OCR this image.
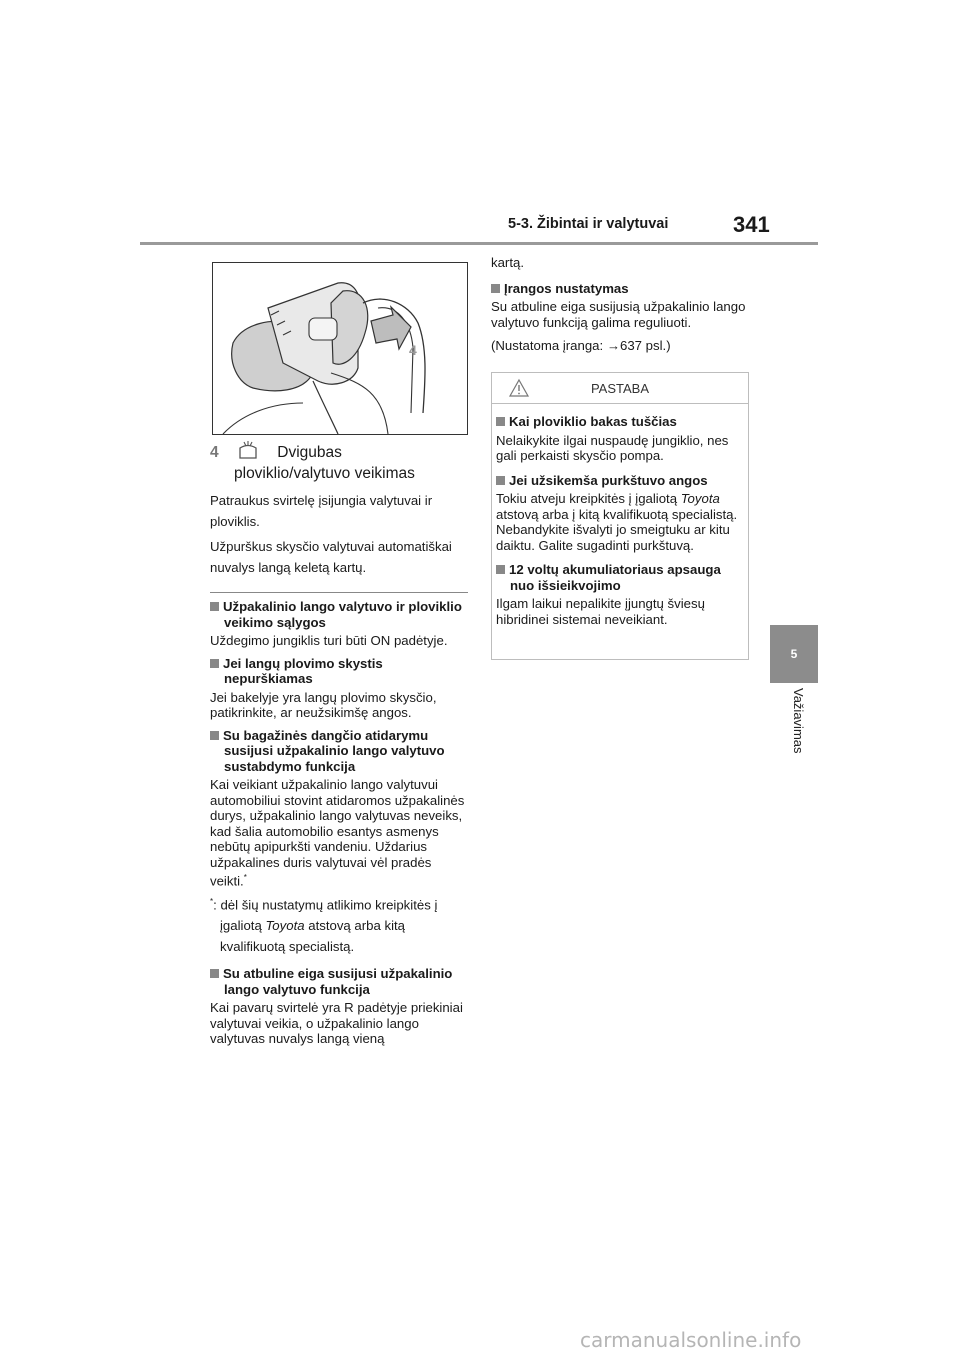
5-3. Žibintai ir valytuvai	341
5
Važiavimas
4
4	Dvigubas
ploviklio/valytuvo veikimas

Patraukus svirtelę įsijungia valytuvai ir ploviklis.

Užpurškus skysčio valytuvai automatiškai nuvalys langą keletą kartų.

Užpakalinio lango valytuvo ir ploviklio veikimo sąlygos

Uždegimo jungiklis turi būti ON padėtyje.

Jei langų plovimo skystis nepurškiamas

Jei bakelyje yra langų plovimo skysčio, patikrinkite, ar neužsikimšę angos.

Su bagažinės dangčio atidarymu susijusi užpakalinio lango valytuvo sustabdymo funkcija

Kai veikiant užpakalinio lango valytuvui automobiliui stovint atidaromos užpakalinės durys, užpakalinio lango valytuvas neveiks, kad šalia automobilio esantys asmenys nebūtų apipurkšti vandeniu. Uždarius užpakalines duris valytuvai vėl pradės veikti.*

*: dėl šių nustatymų atlikimo kreipkitės į įgaliotą Toyota atstovą arba kitą kvalifikuotą specialistą.

Su atbuline eiga susijusi užpakalinio lango valytuvo funkcija

Kai pavarų svirtelė yra R padėtyje priekiniai valytuvai veikia, o užpakalinio lango valytuvas nuvalys langą vieną

kartą.

Įrangos nustatymas

Su atbuline eiga susijusią užpakalinio lango valytuvo funkciją galima reguliuoti.

(Nustatoma įranga: →637 psl.)

PASTABA

Kai ploviklio bakas tuščias

Nelaikykite ilgai nuspaudę jungiklio, nes gali perkaisti skysčio pompa.

Jei užsikemša purkštuvo angos

Tokiu atveju kreipkitės į įgaliotą Toyota atstovą arba į kitą kvalifikuotą specialistą.

Nebandykite išvalyti jo smeigtuku ar kitu daiktu. Galite sugadinti purkštuvą.

12 voltų akumuliatoriaus apsauga nuo išsieikvojimo

Ilgam laikui nepalikite įjungtų šviesų hibridinei sistemai neveikiant.

carmanualsonline.info
